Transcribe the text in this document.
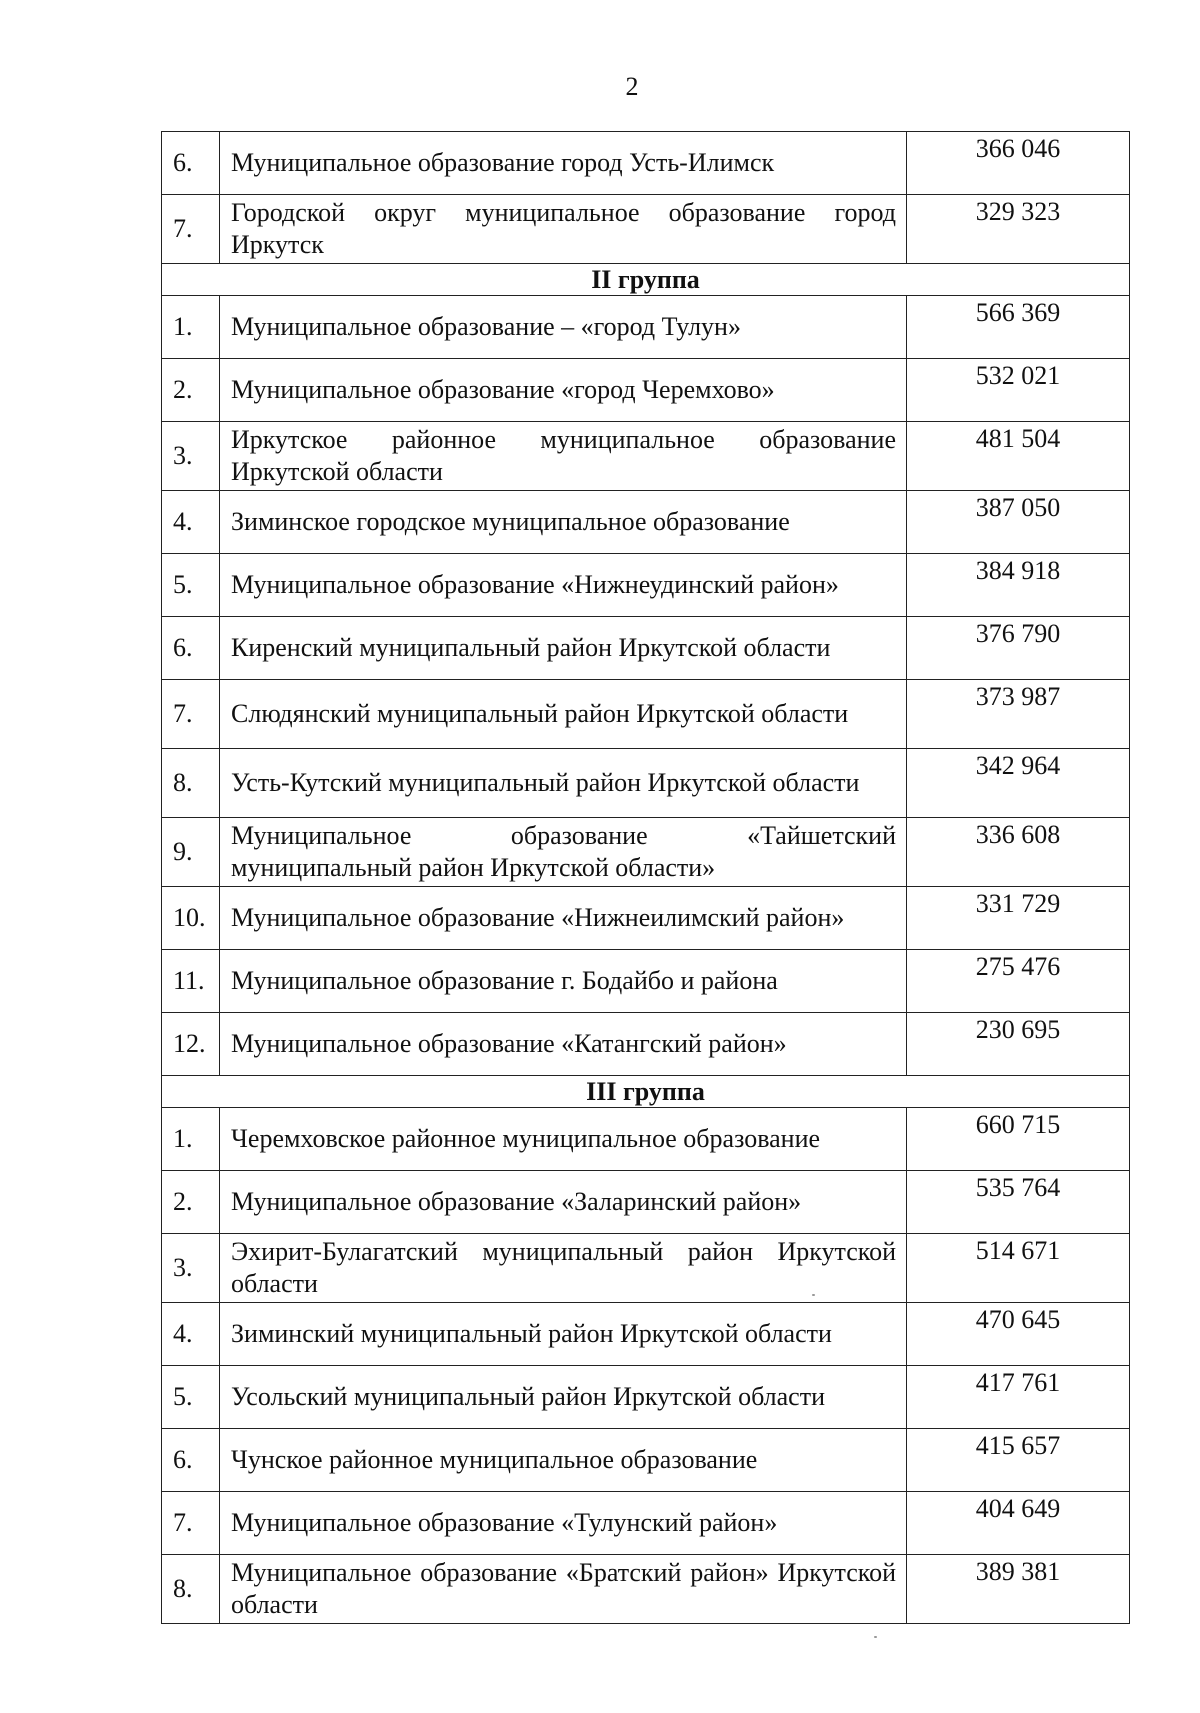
2
6.	Муниципальное образование город Усть-Илимск	366 046
7.	Городской округ муниципальное образование город Иркутск	329 323
II группа		
1.	Муниципальное образование – «город Тулун»	566 369
2.	Муниципальное образование «город Черемхово»	532 021
3.	Иркутское районное муниципальное образование Иркутской области	481 504
4.	Зиминское городское муниципальное образование	387 050
5.	Муниципальное образование «Нижнеудинский район»	384 918
6.	Киренский муниципальный район Иркутской области	376 790
7.	Слюдянский муниципальный район Иркутской области	373 987
8.	Усть-Кутский муниципальный район Иркутской области	342 964
9.	Муниципальное образование «Тайшетский муниципальный район Иркутской области»	336 608
10.	Муниципальное образование «Нижнеилимский район»	331 729
11.	Муниципальное образование г. Бодайбо и района	275 476
12.	Муниципальное образование «Катангский район»	230 695
III группа		
1.	Черемховское районное муниципальное образование	660 715
2.	Муниципальное образование «Заларинский район»	535 764
3.	Эхирит-Булагатский муниципальный район Иркутской области	514 671
4.	Зиминский муниципальный район Иркутской области	470 645
5.	Усольский муниципальный район Иркутской области	417 761
6.	Чунское районное муниципальное образование	415 657
7.	Муниципальное образование «Тулунский район»	404 649
8.	Муниципальное образование «Братский район» Иркутской области	389 381
